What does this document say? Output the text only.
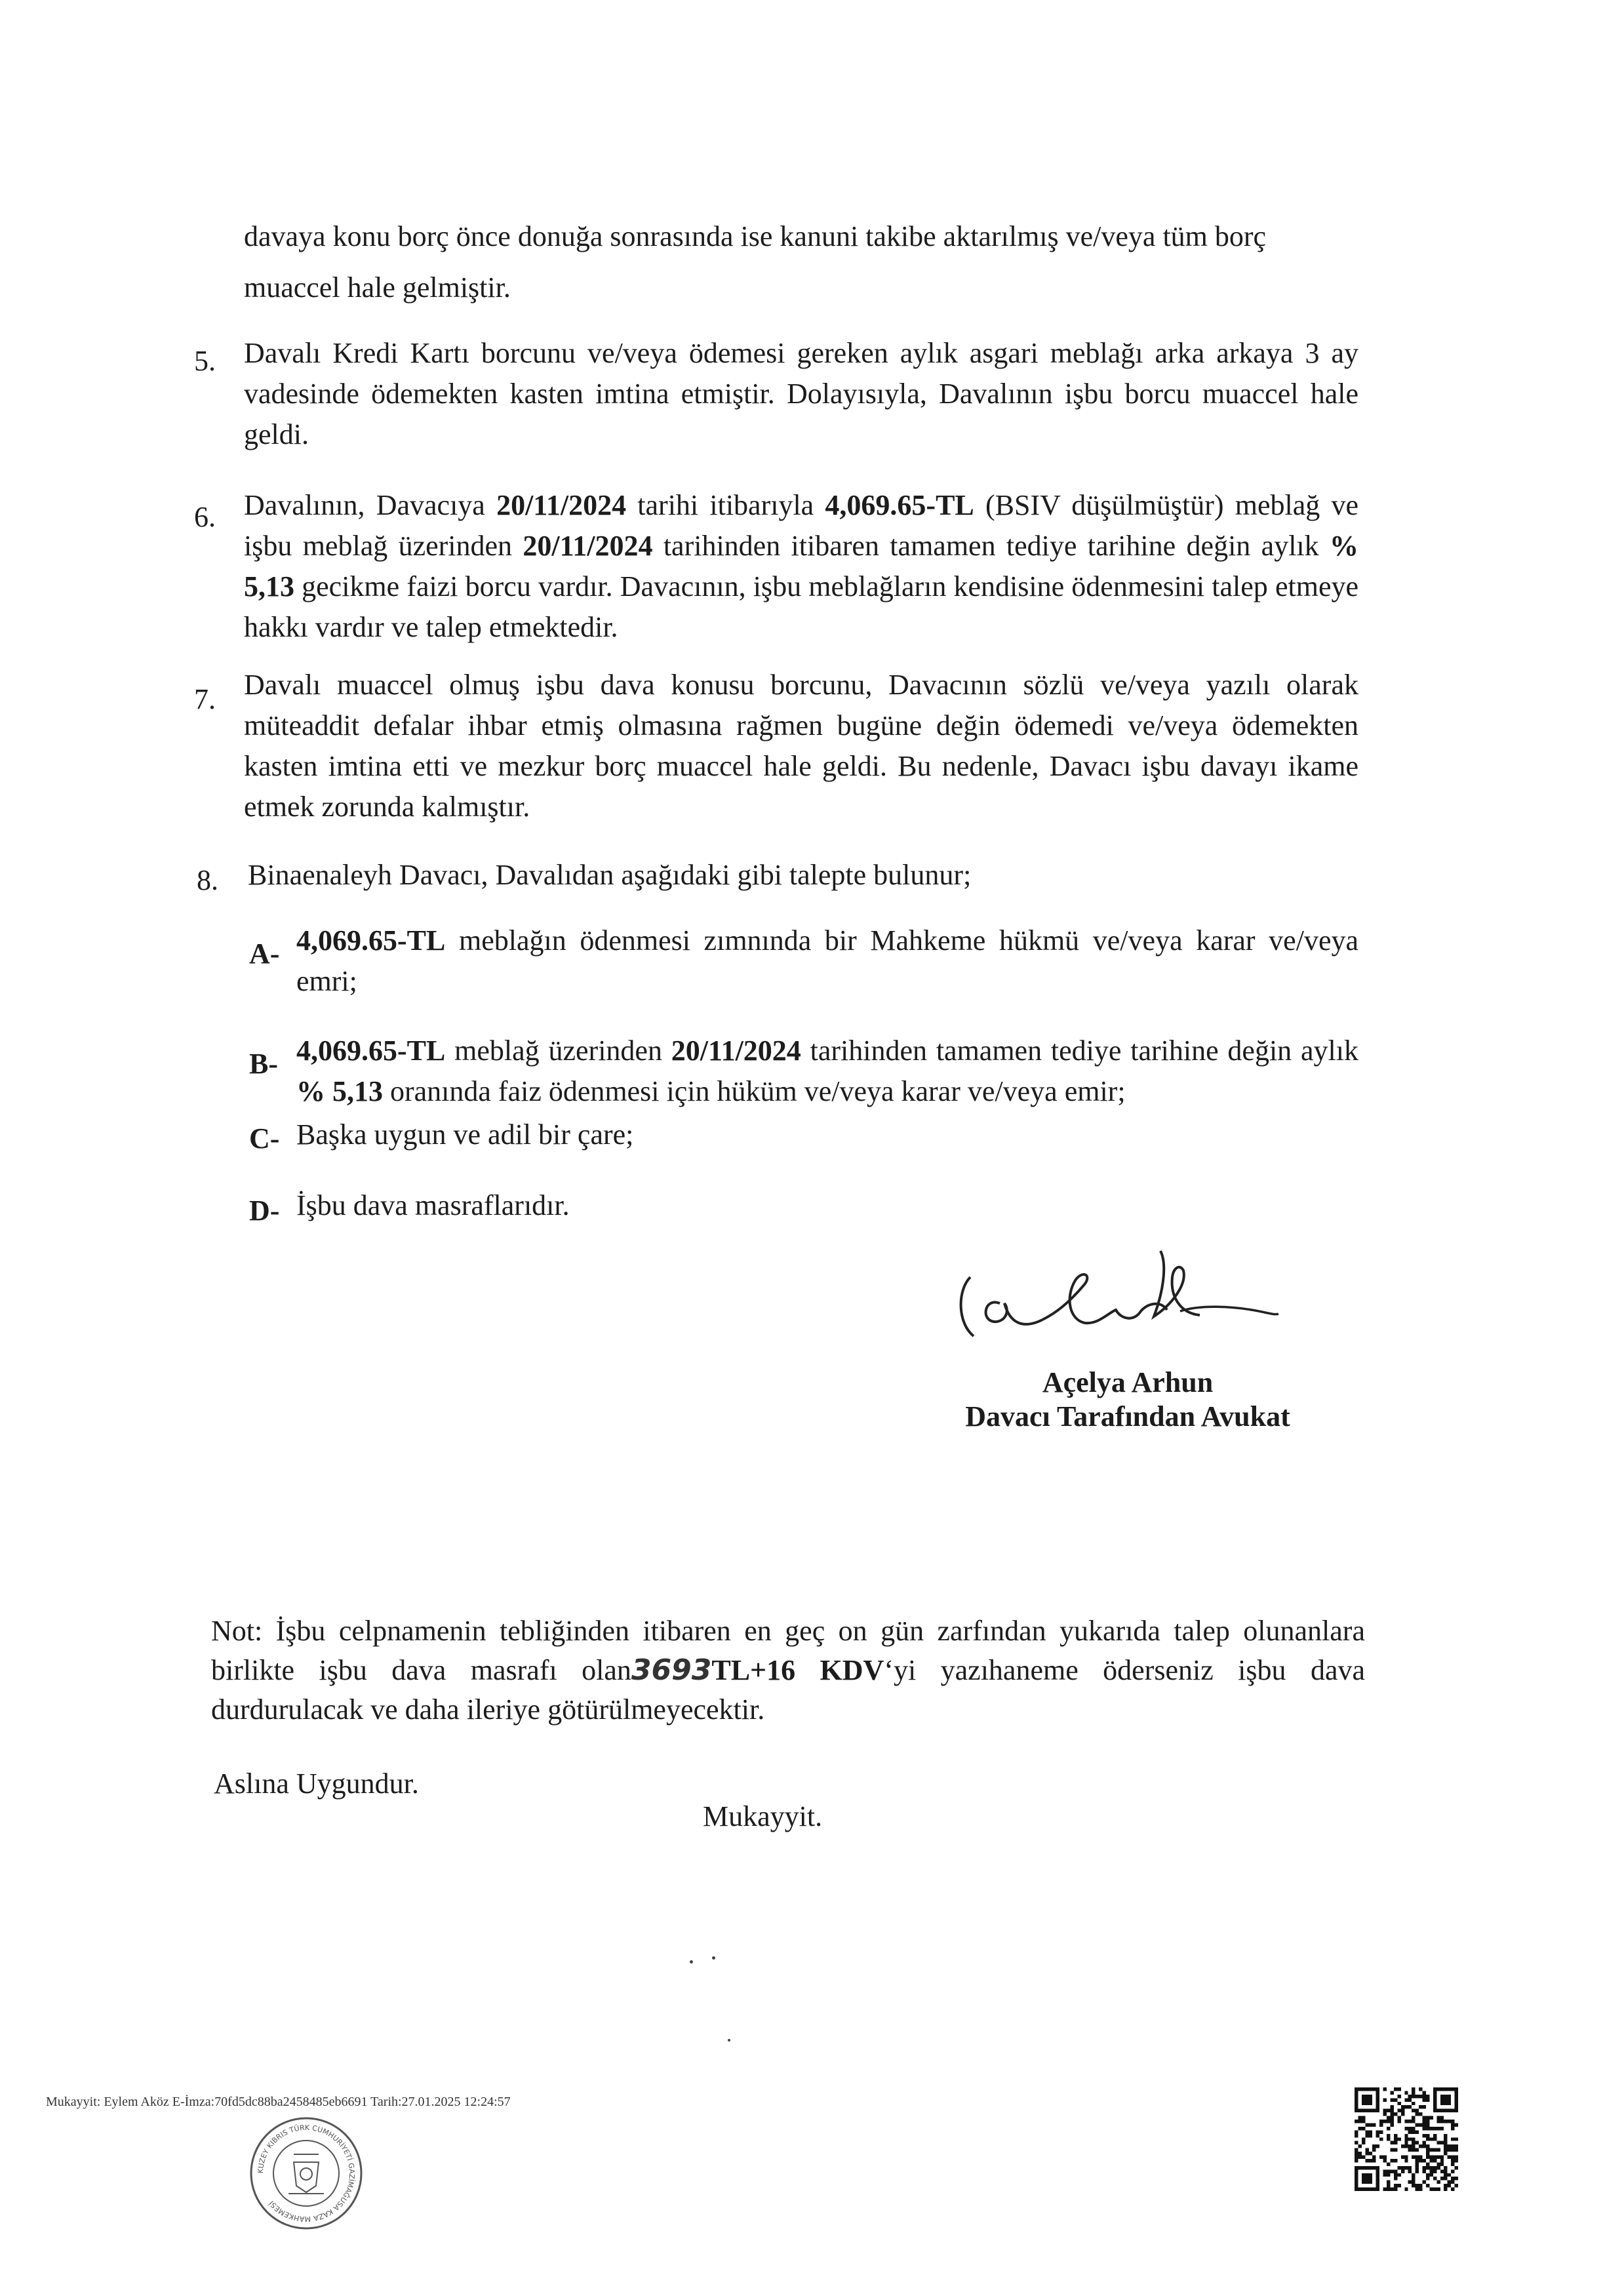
davaya konu borç önce donuğa sonrasında ise kanuni takibe aktarılmış ve/veya tüm borç
muaccel hale gelmiştir.
5. Davalı Kredi Kartı borcunu ve/veya ödemesi gereken aylık asgari meblağı arka arkaya 3 ay vadesinde ödemekten kasten imtina etmiştir. Dolayısıyla, Davalının işbu borcu muaccel hale geldi.
6. Davalının, Davacıya 20/11/2024 tarihi itibarıyla 4,069.65-TL (BSIV düşülmüştür) meblağ ve işbu meblağ üzerinden 20/11/2024 tarihinden itibaren tamamen tediye tarihine değin aylık % 5,13 gecikme faizi borcu vardır. Davacının, işbu meblağların kendisine ödenmesini talep etmeye hakkı vardır ve talep etmektedir.
7. Davalı muaccel olmuş işbu dava konusu borcunu, Davacının sözlü ve/veya yazılı olarak müteaddit defalar ihbar etmiş olmasına rağmen bugüne değin ödemedi ve/veya ödemekten kasten imtina etti ve mezkur borç muaccel hale geldi. Bu nedenle, Davacı işbu davayı ikame etmek zorunda kalmıştır.
8. Binaenaleyh Davacı, Davalıdan aşağıdaki gibi talepte bulunur;
A- 4,069.65-TL meblağın ödenmesi zımnında bir Mahkeme hükmü ve/veya karar ve/veya emri;
B- 4,069.65-TL meblağ üzerinden 20/11/2024 tarihinden tamamen tediye tarihine değin aylık % 5,13 oranında faiz ödenmesi için hüküm ve/veya karar ve/veya emir;
C- Başka uygun ve adil bir çare;
D- İşbu dava masraflarıdır.
Açelya Arhun
Davacı Tarafından Avukat
Not: İşbu celpnamenin tebliğinden itibaren en geç on gün zarfından yukarıda talep olunanlara birlikte işbu dava masrafı olan3693TL+16 KDV‘yi yazıhaneme öderseniz işbu dava durdurulacak ve daha ileriye götürülmeyecektir.
Aslına Uygundur.
Mukayyit.
Mukayyit: Eylem Aköz E-İmza:70fd5dc88ba2458485eb6691 Tarih:27.01.2025 12:24:57
KUZEY KIBRIS TÜRK CUMHURİYETİ GAZİMAĞUSA KAZA MAHKEMESİ
